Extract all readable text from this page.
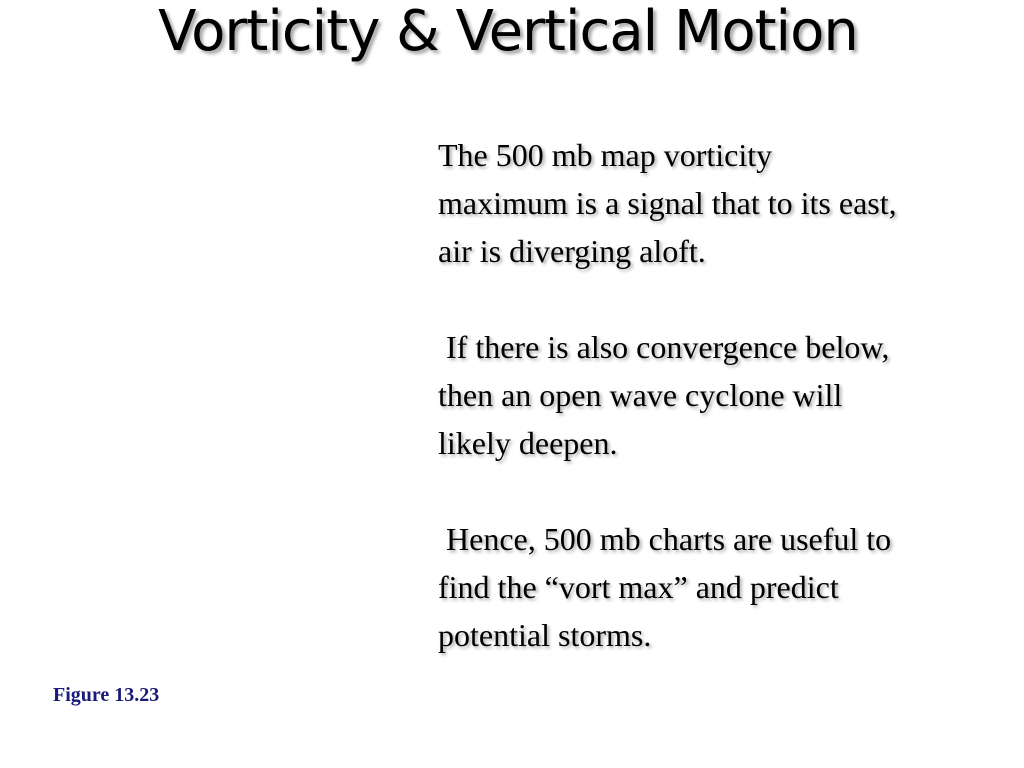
Vorticity & Vertical Motion

The 500 mb map vorticity
maximum is a signal that to its east,
air is diverging aloft.

If there is also convergence below,
then an open wave cyclone will
likely deepen.

Hence, 500 mb charts are useful to
find the “vort max” and predict
potential storms.

Figure 13.23
